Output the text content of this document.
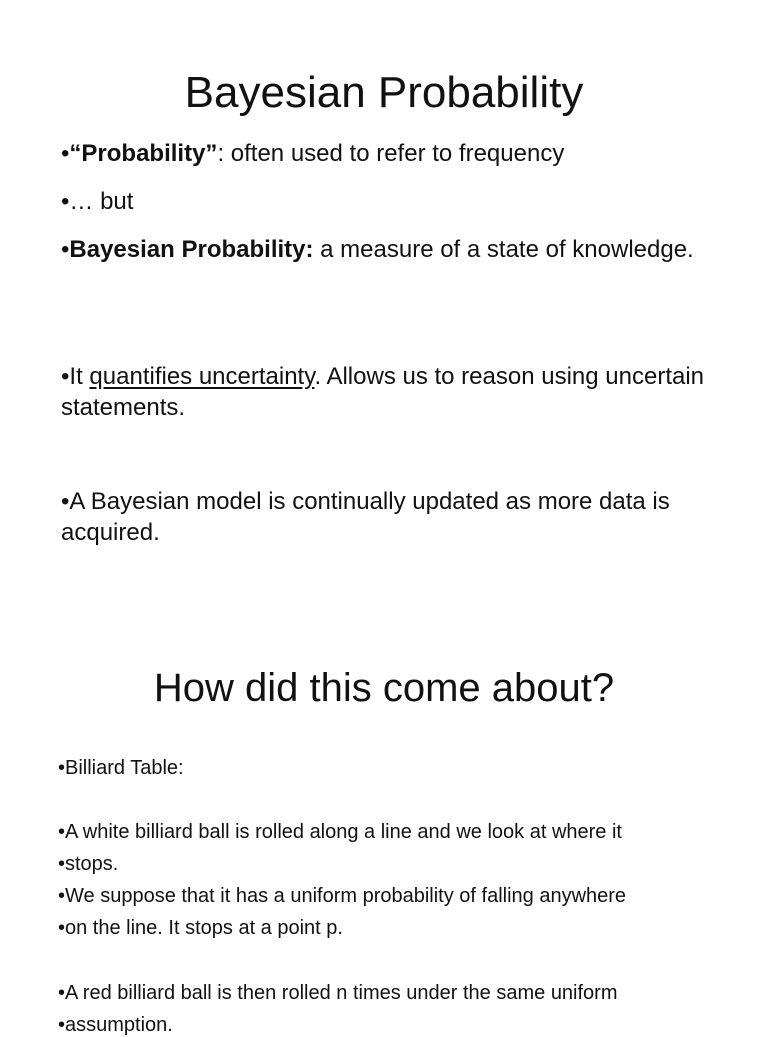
Bayesian Probability

•“Probability”: often used to refer to frequency

•… but

•Bayesian Probability: a measure of a state of knowledge.

•It quantifies uncertainty. Allows us to reason using uncertain statements.

•A Bayesian model is continually updated as more data is acquired.

How did this come about?

•Billiard Table:

•A white billiard ball is rolled along a line and we look at where it

•stops.

•We suppose that it has a uniform probability of falling anywhere

•on the line. It stops at a point p.

•A red billiard ball is then rolled n times under the same uniform

•assumption.
